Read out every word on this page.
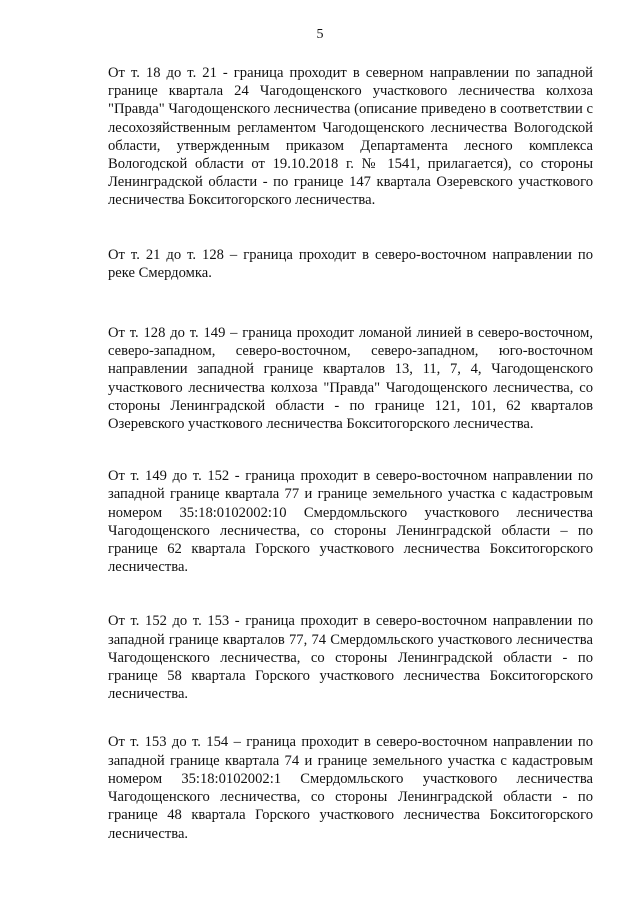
5

От т. 18 до т. 21 - граница проходит в северном направлении по западной границе квартала 24 Чагодощенского участкового лесничества колхоза "Правда" Чагодощенского лесничества (описание приведено в соответствии с лесохозяйственным регламентом Чагодощенского лесничества Вологодской области, утвержденным приказом Департамента лесного комплекса Вологодской области от 19.10.2018 г. № 1541, прилагается), со стороны Ленинградской области - по границе 147 квартала Озеревского участкового лесничества Бокситогорского лесничества.

От т. 21 до т. 128 – граница проходит в северо-восточном направлении по реке Смердомка.

От т. 128 до т. 149 – граница проходит ломаной линией в северо-восточном, северо-западном, северо-восточном, северо-западном, юго-восточном направлении западной границе кварталов 13, 11, 7, 4, Чагодощенского участкового лесничества колхоза "Правда" Чагодощенского лесничества, со стороны Ленинградской области - по границе 121, 101, 62 кварталов Озеревского участкового лесничества Бокситогорского лесничества.

От т. 149 до т. 152 - граница проходит в северо-восточном направлении по западной границе квартала 77 и границе земельного участка с кадастровым номером 35:18:0102002:10 Смердомльского участкового лесничества Чагодощенского лесничества, со стороны Ленинградской области – по границе 62 квартала Горского участкового лесничества Бокситогорского лесничества.

От т. 152 до т. 153 - граница проходит в северо-восточном направлении по западной границе кварталов 77, 74 Смердомльского участкового лесничества Чагодощенского лесничества, со стороны Ленинградской области - по границе 58 квартала Горского участкового лесничества Бокситогорского лесничества.

От т. 153 до т. 154 – граница проходит в северо-восточном направлении по западной границе квартала 74 и границе земельного участка с кадастровым номером 35:18:0102002:1 Смердомльского участкового лесничества Чагодощенского лесничества, со стороны Ленинградской области - по границе 48 квартала Горского участкового лесничества Бокситогорского лесничества.
